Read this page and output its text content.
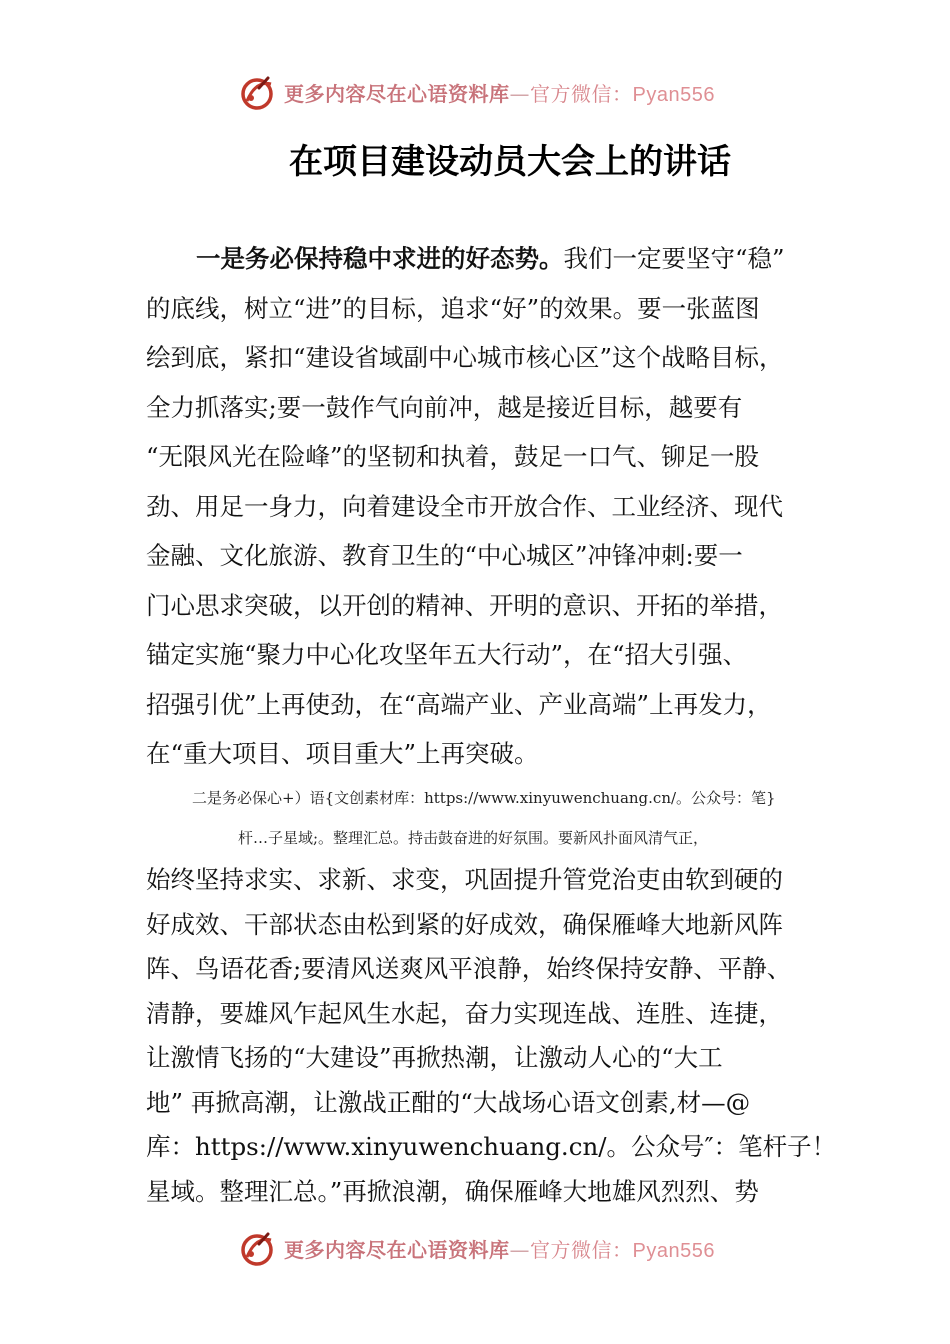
更多内容尽在心语资料库—官方微信：Pyan556
在项目建设动员大会上的讲话
一是务必保持稳中求进的好态势。我们一定要坚守“稳”
的底线，树立“进”的目标，追求“好”的效果。要一张蓝图
绘到底，紧扣“建设省域副中心城市核心区”这个战略目标，
全力抓落实;要一鼓作气向前冲，越是接近目标，越要有
“无限风光在险峰”的坚韧和执着，鼓足一口气、铆足一股
劲、用足一身力，向着建设全市开放合作、工业经济、现代
金融、文化旅游、教育卫生的“中心城区”冲锋冲刺:要一
门心思求突破，以开创的精神、开明的意识、开拓的举措，
锚定实施“聚力中心化攻坚年五大行动”，在“招大引强、
招强引优”上再使劲，在“高端产业、产业高端”上再发力，
在“重大项目、项目重大”上再突破。
二是务必保心+）语{文创素材库：https://www.xinyuwenchuang.cn/。公众号：笔}
杆…子星域;。整理汇总。持击鼓奋进的好氛围。要新风扑面风清气正，
始终坚持求实、求新、求变，巩固提升管党治吏由软到硬的
好成效、干部状态由松到紧的好成效，确保雁峰大地新风阵
阵、鸟语花香;要清风送爽风平浪静，始终保持安静、平静、
清静，要雄风乍起风生水起，奋力实现连战、连胜、连捷，
让激情飞扬的“大建设”再掀热潮，让激动人心的“大工
地” 再掀高潮，让激战正酣的“大战场心语文创素,材—@
库：https://www.xinyuwenchuang.cn/。公众号″：笔杆子！
星域。整理汇总。”再掀浪潮，确保雁峰大地雄风烈烈、势
更多内容尽在心语资料库—官方微信：Pyan556
